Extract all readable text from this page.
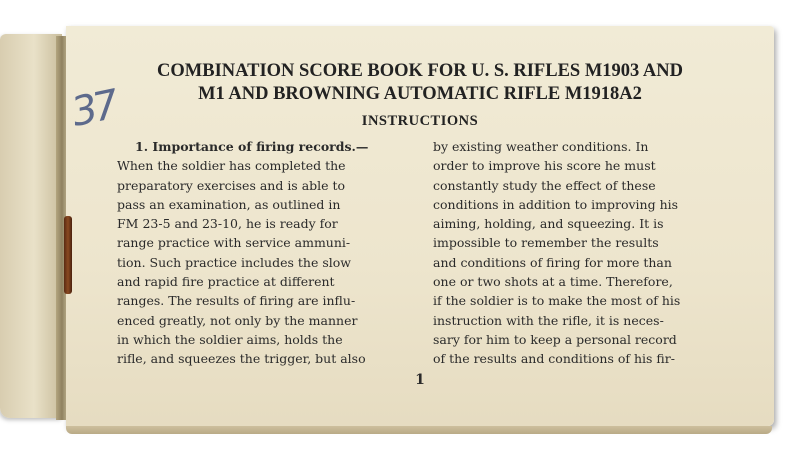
37
COMBINATION SCORE BOOK FOR U. S. RIFLES M1903 AND
M1 AND BROWNING AUTOMATIC RIFLE M1918A2
INSTRUCTIONS

1. Importance of firing records.—

When the soldier has completed the

preparatory exercises and is able to

pass an examination, as outlined in

FM 23-5 and 23-10, he is ready for

range practice with service ammuni-

tion. Such practice includes the slow

and rapid fire practice at different

ranges. The results of firing are influ-

enced greatly, not only by the manner

in which the soldier aims, holds the

rifle, and squeezes the trigger, but also

by existing weather conditions. In

order to improve his score he must

constantly study the effect of these

conditions in addition to improving his

aiming, holding, and squeezing. It is

impossible to remember the results

and conditions of firing for more than

one or two shots at a time. Therefore,

if the soldier is to make the most of his

instruction with the rifle, it is neces-

sary for him to keep a personal record

of the results and conditions of his fir-

1
